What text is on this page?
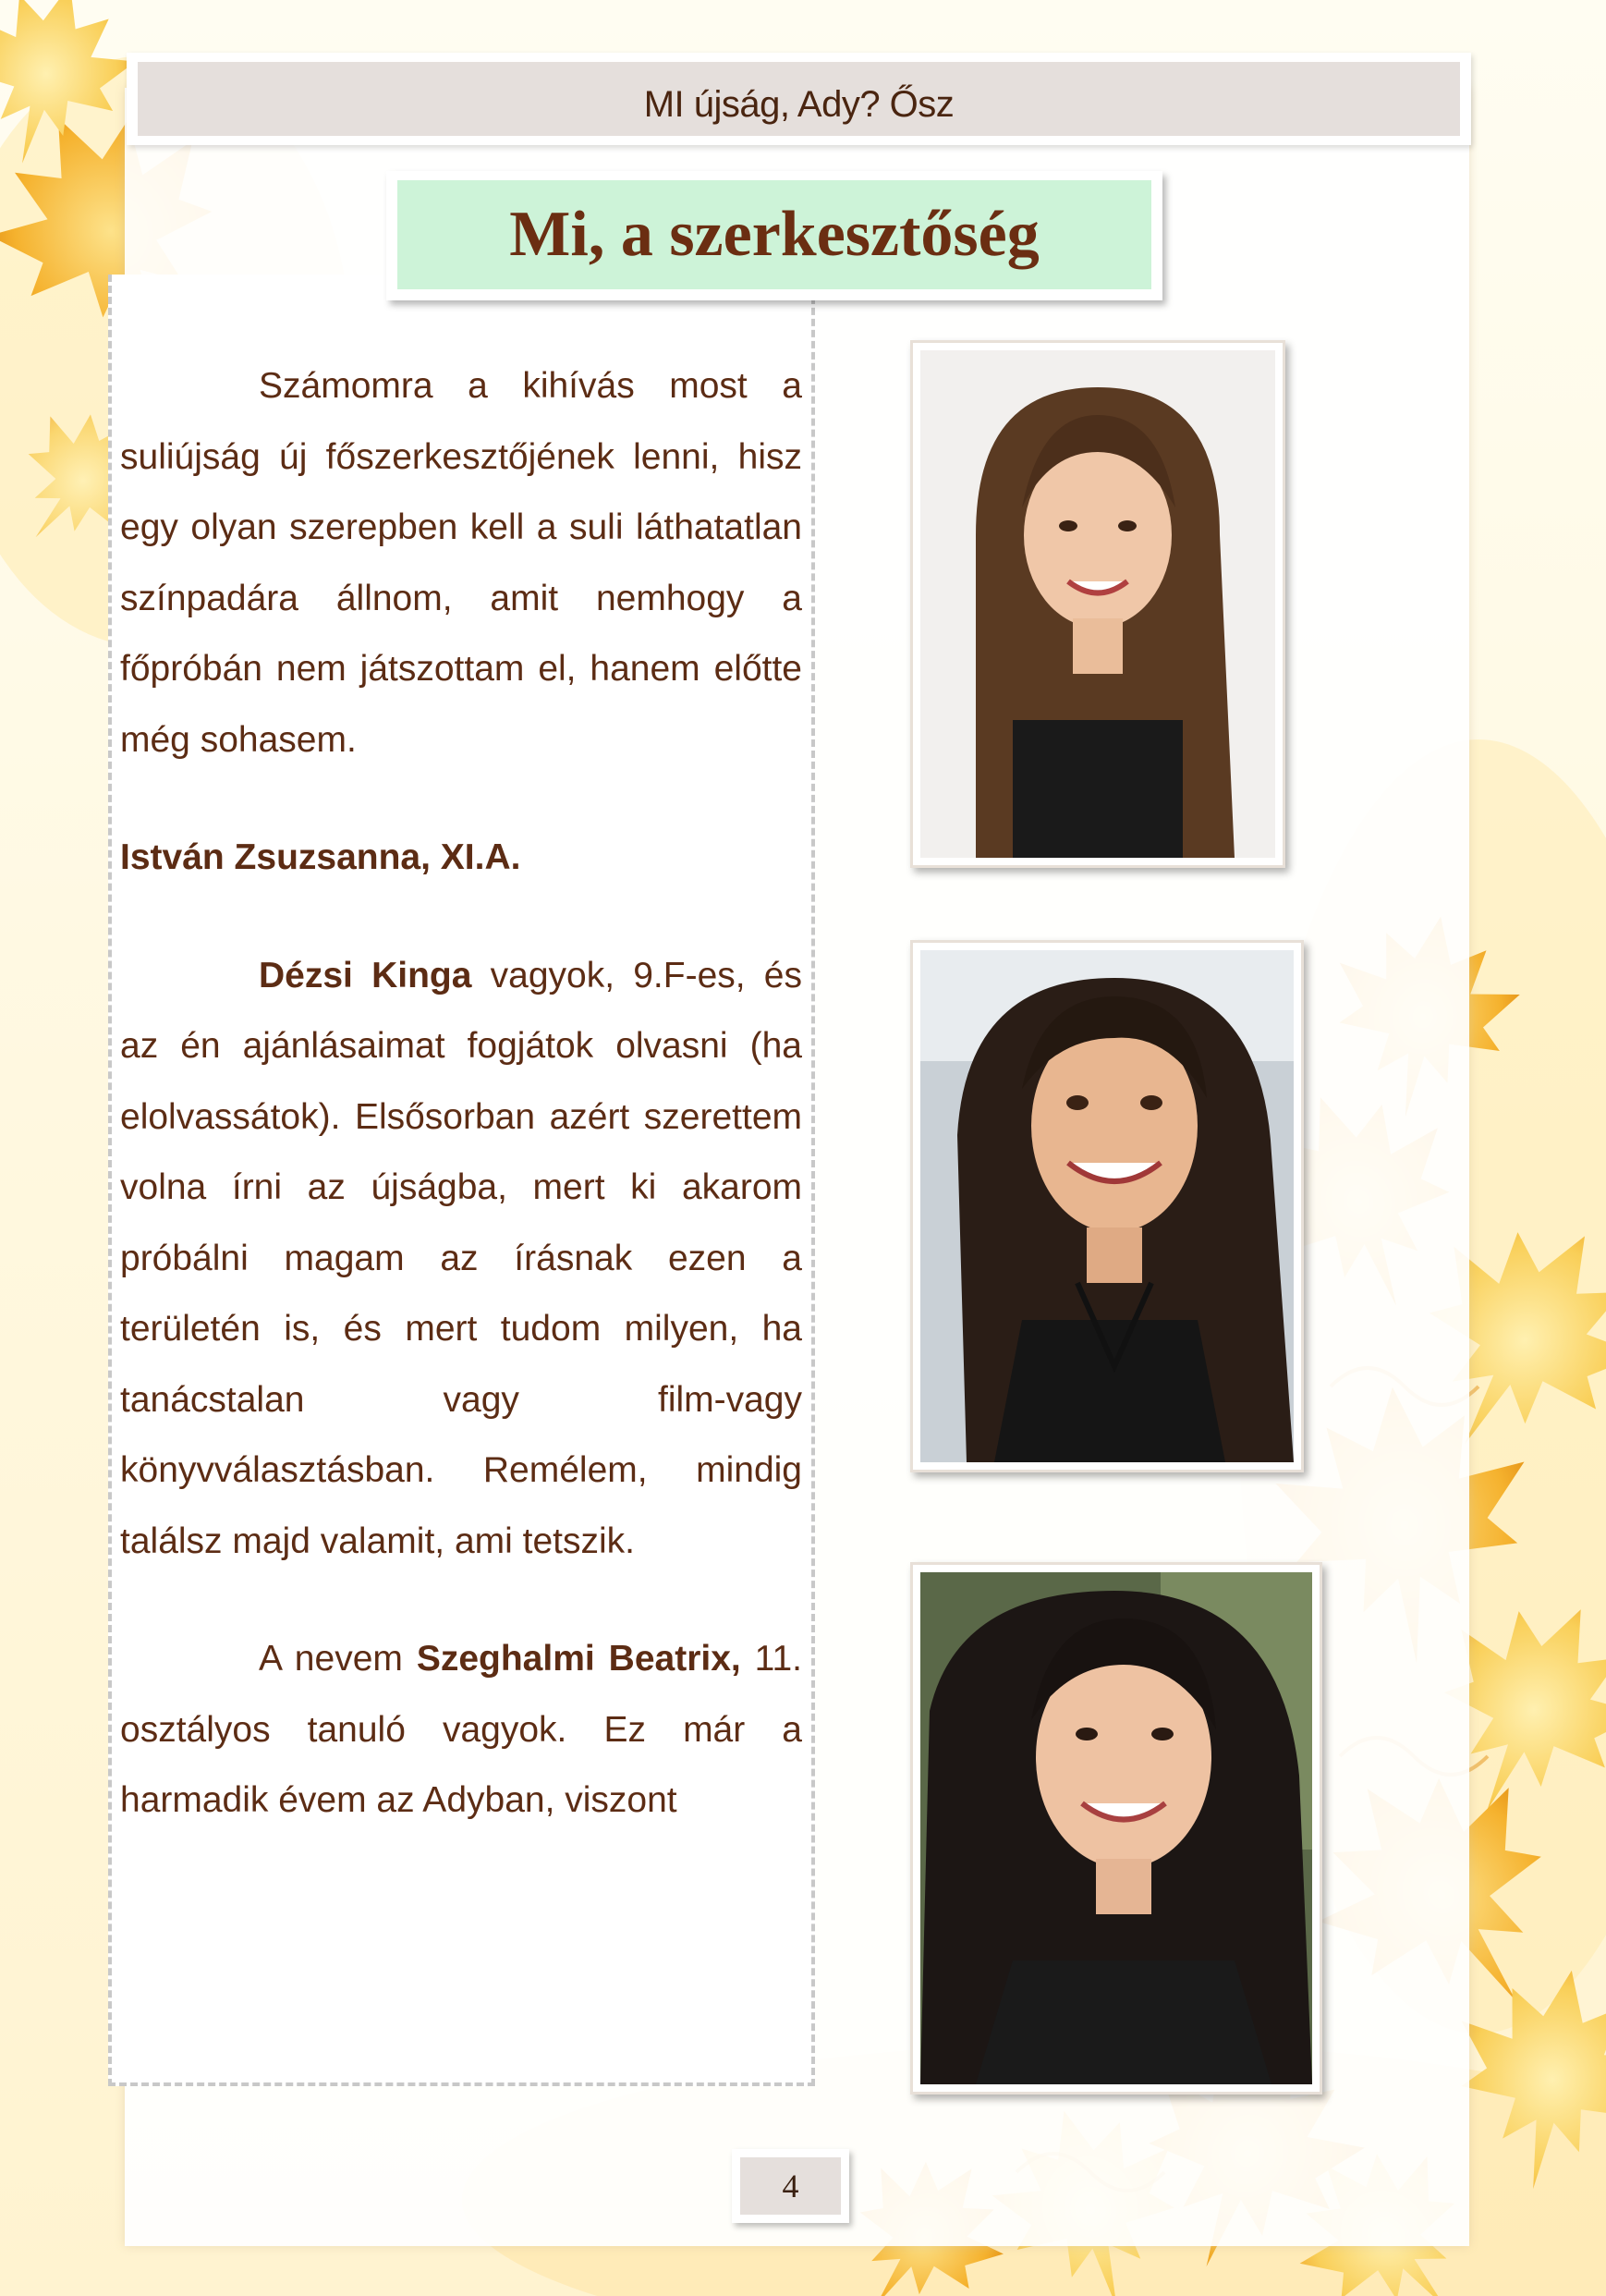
MI újság, Ady? Ősz
Mi, a szerkesztőség

Számomra a kihívás most a suliújság új főszerkesztőjének lenni, hisz egy olyan szerepben kell a suli láthatatlan színpadára állnom, amit nemhogy a főpróbán nem játszottam el, hanem előtte még sohasem.

István Zsuzsanna, XI.A.

Dézsi Kinga vagyok, 9.F-es, és az én ajánlásaimat fogjátok olvasni (ha elolvassátok). Elsősorban azért szerettem volna írni az újságba, mert ki akarom próbálni magam az írásnak ezen a területén is, és mert tudom milyen, ha tanácstalan vagy film-vagy könyvválasztásban. Remélem, mindig találsz majd valamit, ami tetszik.

A nevem Szeghalmi Beatrix, 11. osztályos tanuló vagyok. Ez már a harmadik évem az Adyban, viszont

4
